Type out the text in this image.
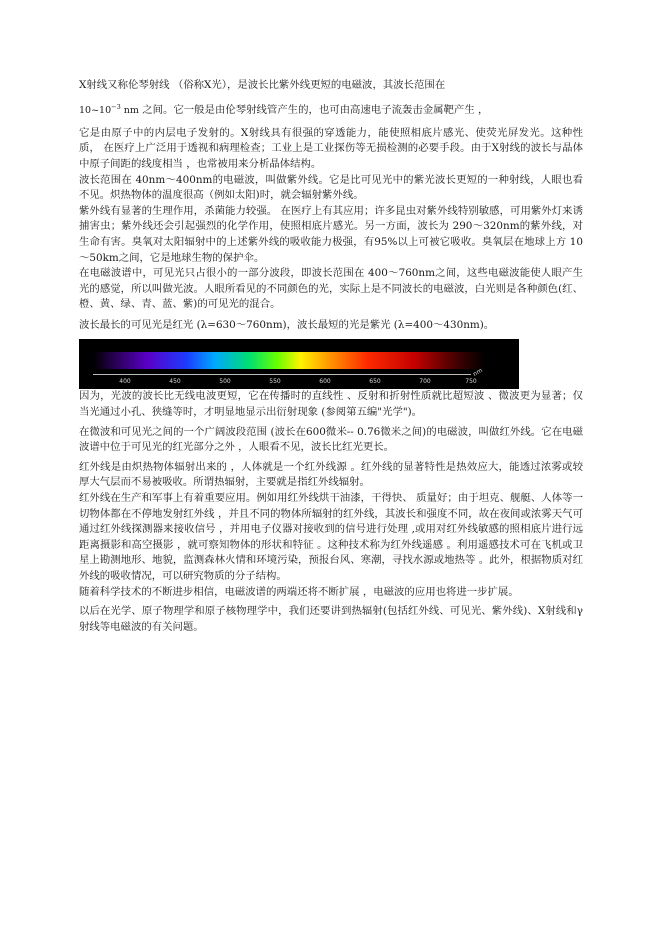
X射线又称伦琴射线 （俗称X光），是波长比紫外线更短的电磁波，其波长范围在

$10\sim 10^{-3}$ nm 之间。它一般是由伦琴射线管产生的，也可由高速电子流轰击金属靶产生 ，

它是由原子中的内层电子发射的。X射线具有很强的穿透能力，能使照相底片感光、使荧光屏发光。这种性质， 在医疗上广泛用于透视和病理检查；工业上是工业探伤等无损检测的必要手段。由于X射线的波长与晶体中原子间距的线度相当 ，也常被用来分析晶体结构。

波长范围在 40nm～400nm的电磁波，叫做紫外线。它是比可见光中的紫光波长更短的一种射线，人眼也看不见。炽热物体的温度很高（例如太阳)时，就会辐射紫外线。

紫外线有显著的生理作用，杀菌能力较强。 在医疗上有其应用；许多昆虫对紫外线特别敏感，可用紫外灯来诱捕害虫；紫外线还会引起强烈的化学作用，使照相底片感光。另一方面，波长为 290～320nm的紫外线，对生命有害。臭氧对太阳辐射中的上述紫外线的吸收能力极强，有95%以上可被它吸收。臭氧层在地球上方 10～50km之间，它是地球生物的保护伞。

在电磁波谱中，可见光只占很小的一部分波段，即波长范围在 400～760nm之间，这些电磁波能使人眼产生光的感觉，所以叫做光波。人眼所看见的不同颜色的光，实际上是不同波长的电磁波，白光则是各种颜色(红、橙、黄、绿、青、蓝、紫)的可见光的混合。

波长最长的可见光是红光 (λ=630～760nm)，波长最短的光是紫光 (λ=400～430nm)。

400	450	500	550	600	650	700	750
nm

因为，光波的波长比无线电波更短，它在传播时的直线性 、反射和折射性质就比超短波 、微波更为显著；仅当光通过小孔、狭缝等时，才明显地显示出衍射现象 (参阅第五编"光学")。

在微波和可见光之间的一个广阔波段范围 (波长在600微米-- 0.76微米之间)的电磁波，叫做红外线。它在电磁波谱中位于可见光的红光部分之外 ，人眼看不见，波长比红光更长。

红外线是由炽热物体辐射出来的 ，人体就是一个红外线源 。红外线的显著特性是热效应大，能透过浓雾或较厚大气层而不易被吸收。所谓热辐射，主要就是指红外线辐射。

红外线在生产和军事上有着重要应用。例如用红外线烘干油漆，干得快、 质量好；由于坦克、舰艇、人体等一切物体都在不停地发射红外线 ，并且不同的物体所辐射的红外线，其波长和强度不同，故在夜间或浓雾天气可通过红外线探测器来接收信号 ，并用电子仪器对接收到的信号进行处理 ,或用对红外线敏感的照相底片进行远距离摄影和高空摄影 ，就可察知物体的形状和特征 。这种技术称为红外线遥感 。利用遥感技术可在飞机或卫星上勘测地形、地貌，监测森林火情和环境污染，预报台风、寒潮，寻找水源或地热等 。此外，根据物质对红外线的吸收情况，可以研究物质的分子结构。

随着科学技术的不断进步相信，电磁波谱的两端还将不断扩展 ，电磁波的应用也将进一步扩展。

以后在光学、原子物理学和原子核物理学中，我们还要讲到热辐射(包括红外线、可见光、紫外线)、X射线和γ射线等电磁波的有关问题。
